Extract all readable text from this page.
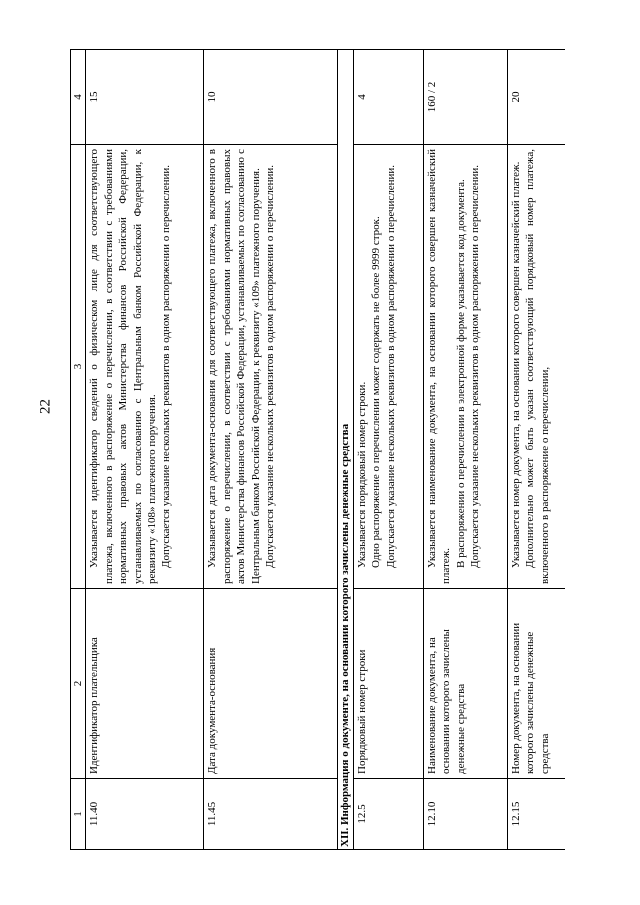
22
1	2	3	4
11.40	Идентификатор плательщика	Указывается идентификатор сведений о физическом лице для соответствующего платежа, включенного в распоряжение о перечислении, в соответствии с требованиями нормативных правовых актов Министерства финансов Российской Федерации, устанавливаемых по согласованию с Центральным банком Российской Федерации, к реквизиту «108» платежного поручения. Допускается указание нескольких реквизитов в одном распоряжении о перечислении.	15
11.45	Дата документа-основания	Указывается дата документа-основания для соответствующего платежа, включенного в распоряжение о перечислении, в соответствии с требованиями нормативных правовых актов Министерства финансов Российской Федерации, устанавливаемых по согласованию с Центральным банком Российской Федерации, к реквизиту «109» платежного поручения. Допускается указание нескольких реквизитов в одном распоряжении о перечислении.	10
XII. Информация о документе, на основании которого зачислены денежные средства			
12.5	Порядковый номер строки	Указывается порядковый номер строки. Одно распоряжение о перечислении может содержать не более 9999 строк. Допускается указание нескольких реквизитов в одном распоряжении о перечислении.	4
12.10	Наименование документа, на основании которого зачислены денежные средства	Указывается наименование документа, на основании которого совершен казначейский платеж. В распоряжении о перечислении в электронной форме указывается код документа. Допускается указание нескольких реквизитов в одном распоряжении о перечислении.	160 / 2
12.15	Номер документа, на основании которого зачислены денежные средства	Указывается номер документа, на основании которого совершен казначейский платеж. Дополнительно может быть указан соответствующий порядковый номер платежа, включенного в распоряжение о перечислении,	20
